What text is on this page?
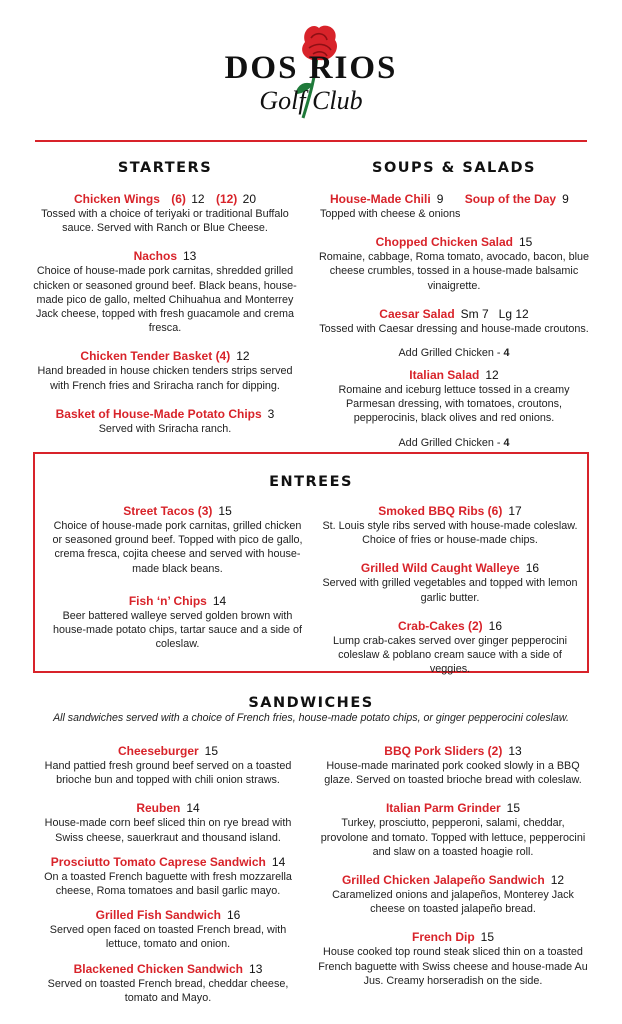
DOS RIOS
Golf Club
STARTERS
Chicken Wings (6) 12 (12) 20
Tossed with a choice of teriyaki or traditional Buffalo sauce. Served with Ranch or Blue Cheese.
Nachos 13
Choice of house-made pork carnitas, shredded grilled chicken or seasoned ground beef. Black beans, house-made pico de gallo, melted Chihuahua and Monterrey Jack cheese, topped with fresh guacamole and crema fresca.
Chicken Tender Basket (4) 12
Hand breaded in house chicken tenders strips served with French fries and Sriracha ranch for dipping.
Basket of House-Made Potato Chips 3
Served with Sriracha ranch.
SOUPS & SALADS
House-Made Chili 9 Soup of the Day 9
Topped with cheese & onions
Chopped Chicken Salad 15
Romaine, cabbage, Roma tomato, avocado, bacon, blue cheese crumbles, tossed in a house-made balsamic vinaigrette.
Caesar Salad Sm 7   Lg 12
Tossed with Caesar dressing and house-made croutons.
Add Grilled Chicken - 4
Italian Salad 12
Romaine and iceburg lettuce tossed in a creamy Parmesan dressing, with tomatoes, croutons, pepperocinis, black olives and red onions.
Add Grilled Chicken - 4
ENTREES
Street Tacos (3) 15
Choice of house-made pork carnitas, grilled chicken or seasoned ground beef. Topped with pico de gallo, crema fresca, cojita cheese and served with house-made black beans.
Fish ‘n’ Chips 14
Beer battered walleye served golden brown with house-made potato chips, tartar sauce and a side of coleslaw.
Smoked BBQ Ribs (6) 17
St. Louis style ribs served with house-made coleslaw. Choice of fries or house-made chips.
Grilled Wild Caught Walleye 16
Served with grilled vegetables and topped with lemon garlic butter.
Crab-Cakes (2) 16
Lump crab-cakes served over ginger pepperocini coleslaw & poblano cream sauce with a side of veggies.
SANDWICHES
All sandwiches served with a choice of French fries, house-made potato chips, or ginger pepperocini coleslaw.
Cheeseburger 15
Hand pattied fresh ground beef served on a toasted brioche bun and topped with chili onion straws.
Reuben 14
House-made corn beef sliced thin on rye bread with Swiss cheese, sauerkraut and thousand island.
Prosciutto Tomato Caprese Sandwich 14
On a toasted French baguette with fresh mozzarella cheese, Roma tomatoes and basil garlic mayo.
Grilled Fish Sandwich 16
Served open faced on toasted French bread, with lettuce, tomato and onion.
Blackened Chicken Sandwich 13
Served on toasted French bread, cheddar cheese, tomato and Mayo.
BBQ Pork Sliders (2) 13
House-made marinated pork cooked slowly in a BBQ glaze. Served on toasted brioche bread with coleslaw.
Italian Parm Grinder 15
Turkey, prosciutto, pepperoni, salami, cheddar, provolone and tomato. Topped with lettuce, pepperocini and slaw on a toasted hoagie roll.
Grilled Chicken Jalapeño Sandwich 12
Caramelized onions and jalapeños, Monterey Jack cheese on toasted jalapeño bread.
French Dip 15
House cooked top round steak sliced thin on a toasted French baguette with Swiss cheese and house-made Au Jus. Creamy horseradish on the side.
